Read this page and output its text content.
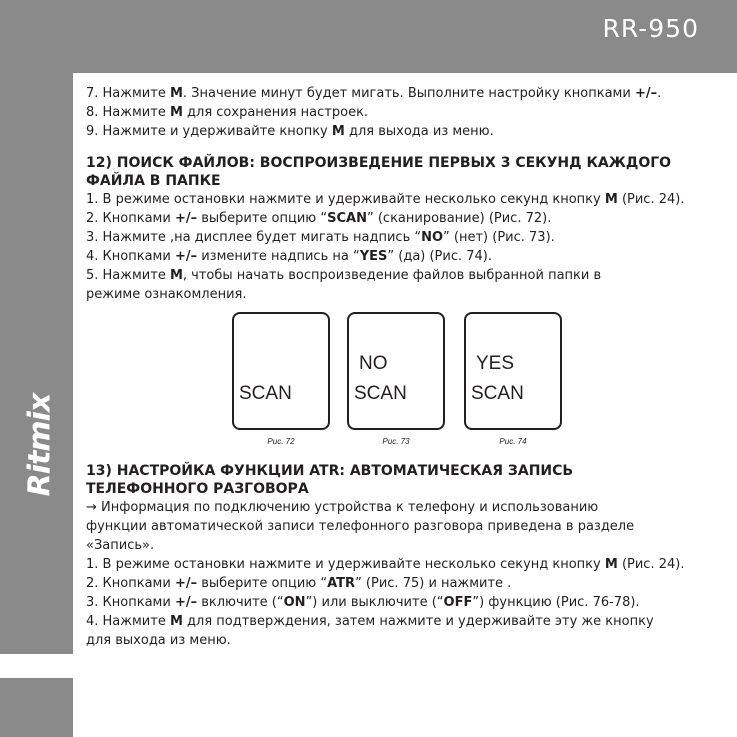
RR-950
Ritmix

7. Нажмите M. Значение минут будет мигать. Выполните настройку кнопками +/–.

8. Нажмите M для сохранения настроек.

9. Нажмите и удерживайте кнопку M для выхода из меню.

12) ПОИСК ФАЙЛОВ: ВОСПРОИЗВЕДЕНИЕ ПЕРВЫХ 3 СЕКУНД КАЖДОГО

ФАЙЛА В ПАПКЕ

1. В режиме остановки нажмите и удерживайте несколько секунд кнопку M (Рис. 24).

2. Кнопками +/– выберите опцию “SCAN” (сканирование) (Рис. 72).

3. Нажмите ,на дисплее будет мигать надпись “NO” (нет) (Рис. 73).

4. Кнопками +/– измените надпись на “YES” (да) (Рис. 74).

5. Нажмите M, чтобы начать воспроизведение файлов выбранной папки в

режиме ознакомления.

SCAN
Рис. 72
NO
SCAN
Рис. 73
YES
SCAN
Рис. 74

13) НАСТРОЙКА ФУНКЦИИ ATR: АВТОМАТИЧЕСКАЯ ЗАПИСЬ

ТЕЛЕФОННОГО РАЗГОВОРА

→ Информация по подключению устройства к телефону и использованию

функции автоматической записи телефонного разговора приведена в разделе

«Запись».

1. В режиме остановки нажмите и удерживайте несколько секунд кнопку M (Рис. 24).

2. Кнопками +/– выберите опцию “ATR” (Рис. 75) и нажмите .

3. Кнопками +/– включите (“ON”) или выключите (“OFF”) функцию (Рис. 76-78).

4. Нажмите M для подтверждения, затем нажмите и удерживайте эту же кнопку

для выхода из меню.
